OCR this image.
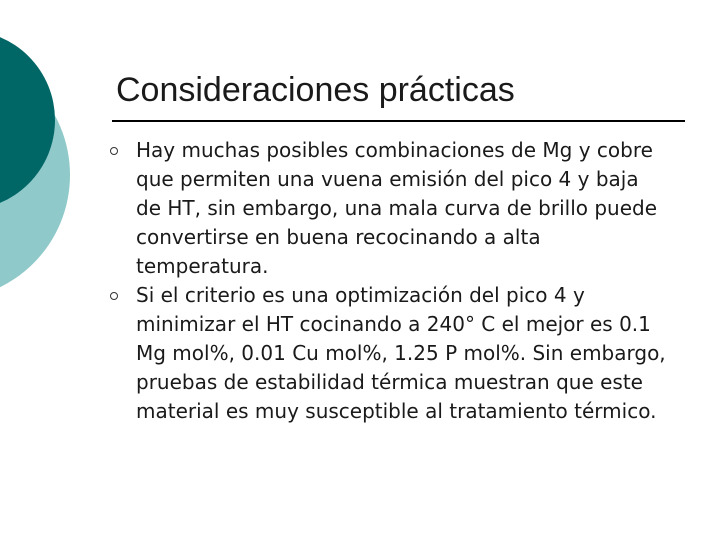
Consideraciones prácticas
Hay muchas posibles combinaciones de Mg y cobre que permiten una vuena emisión del pico 4 y baja de HT, sin embargo, una mala curva de brillo puede convertirse en buena recocinando a alta temperatura.
Si el criterio es una optimización del pico 4 y minimizar el HT cocinando a 240° C el mejor es 0.1 Mg mol%, 0.01 Cu mol%, 1.25 P mol%. Sin embargo, pruebas de estabilidad térmica muestran que este material es muy susceptible al tratamiento térmico.
